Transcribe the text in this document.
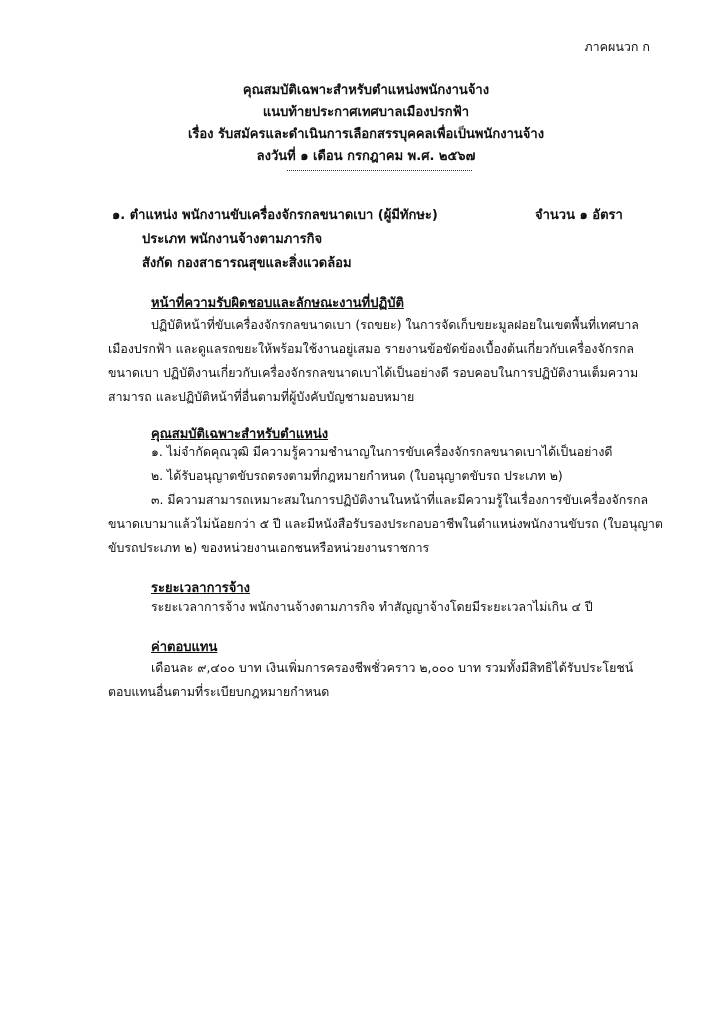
ภาคผนวก ก
คุณสมบัติเฉพาะสำหรับตำแหน่งพนักงานจ้าง
แนบท้ายประกาศเทศบาลเมืองปรกฟ้า
เรื่อง รับสมัครและดำเนินการเลือกสรรบุคคลเพื่อเป็นพนักงานจ้าง
ลงวันที่ ๑ เดือน กรกฎาคม พ.ศ. ๒๕๖๗
๑. ตำแหน่ง พนักงานขับเครื่องจักรกลขนาดเบา (ผู้มีทักษะ)	จำนวน ๑ อัตรา
ประเภท พนักงานจ้างตามภารกิจ
สังกัด กองสาธารณสุขและสิ่งแวดล้อม
หน้าที่ความรับผิดชอบและลักษณะงานที่ปฏิบัติ
ปฏิบัติหน้าที่ขับเครื่องจักรกลขนาดเบา (รถขยะ) ในการจัดเก็บขยะมูลฝอยในเขตพื้นที่เทศบาลเมืองปรกฟ้า และดูแลรถขยะให้พร้อมใช้งานอยู่เสมอ รายงานข้อขัดข้องเบื้องต้นเกี่ยวกับเครื่องจักรกลขนาดเบา ปฏิบัติงานเกี่ยวกับเครื่องจักรกลขนาดเบาได้เป็นอย่างดี รอบคอบในการปฏิบัติงานเต็มความสามารถ และปฏิบัติหน้าที่อื่นตามที่ผู้บังคับบัญชามอบหมาย
คุณสมบัติเฉพาะสำหรับตำแหน่ง
๑. ไม่จำกัดคุณวุฒิ มีความรู้ความชำนาญในการขับเครื่องจักรกลขนาดเบาได้เป็นอย่างดี
๒. ได้รับอนุญาตขับรถตรงตามที่กฎหมายกำหนด (ใบอนุญาตขับรถ ประเภท ๒)
๓. มีความสามารถเหมาะสมในการปฏิบัติงานในหน้าที่และมีความรู้ในเรื่องการขับเครื่องจักรกล
ขนาดเบามาแล้วไม่น้อยกว่า ๕ ปี และมีหนังสือรับรองประกอบอาชีพในตำแหน่งพนักงานขับรถ (ใบอนุญาต
ขับรถประเภท ๒) ของหน่วยงานเอกชนหรือหน่วยงานราชการ
ระยะเวลาการจ้าง
ระยะเวลาการจ้าง พนักงานจ้างตามภารกิจ ทำสัญญาจ้างโดยมีระยะเวลาไม่เกิน ๔ ปี
ค่าตอบแทน
เดือนละ ๙,๔๐๐ บาท เงินเพิ่มการครองชีพชั่วคราว ๒,๐๐๐ บาท รวมทั้งมีสิทธิได้รับประโยชน์ตอบแทนอื่นตามที่ระเบียบกฎหมายกำหนด
